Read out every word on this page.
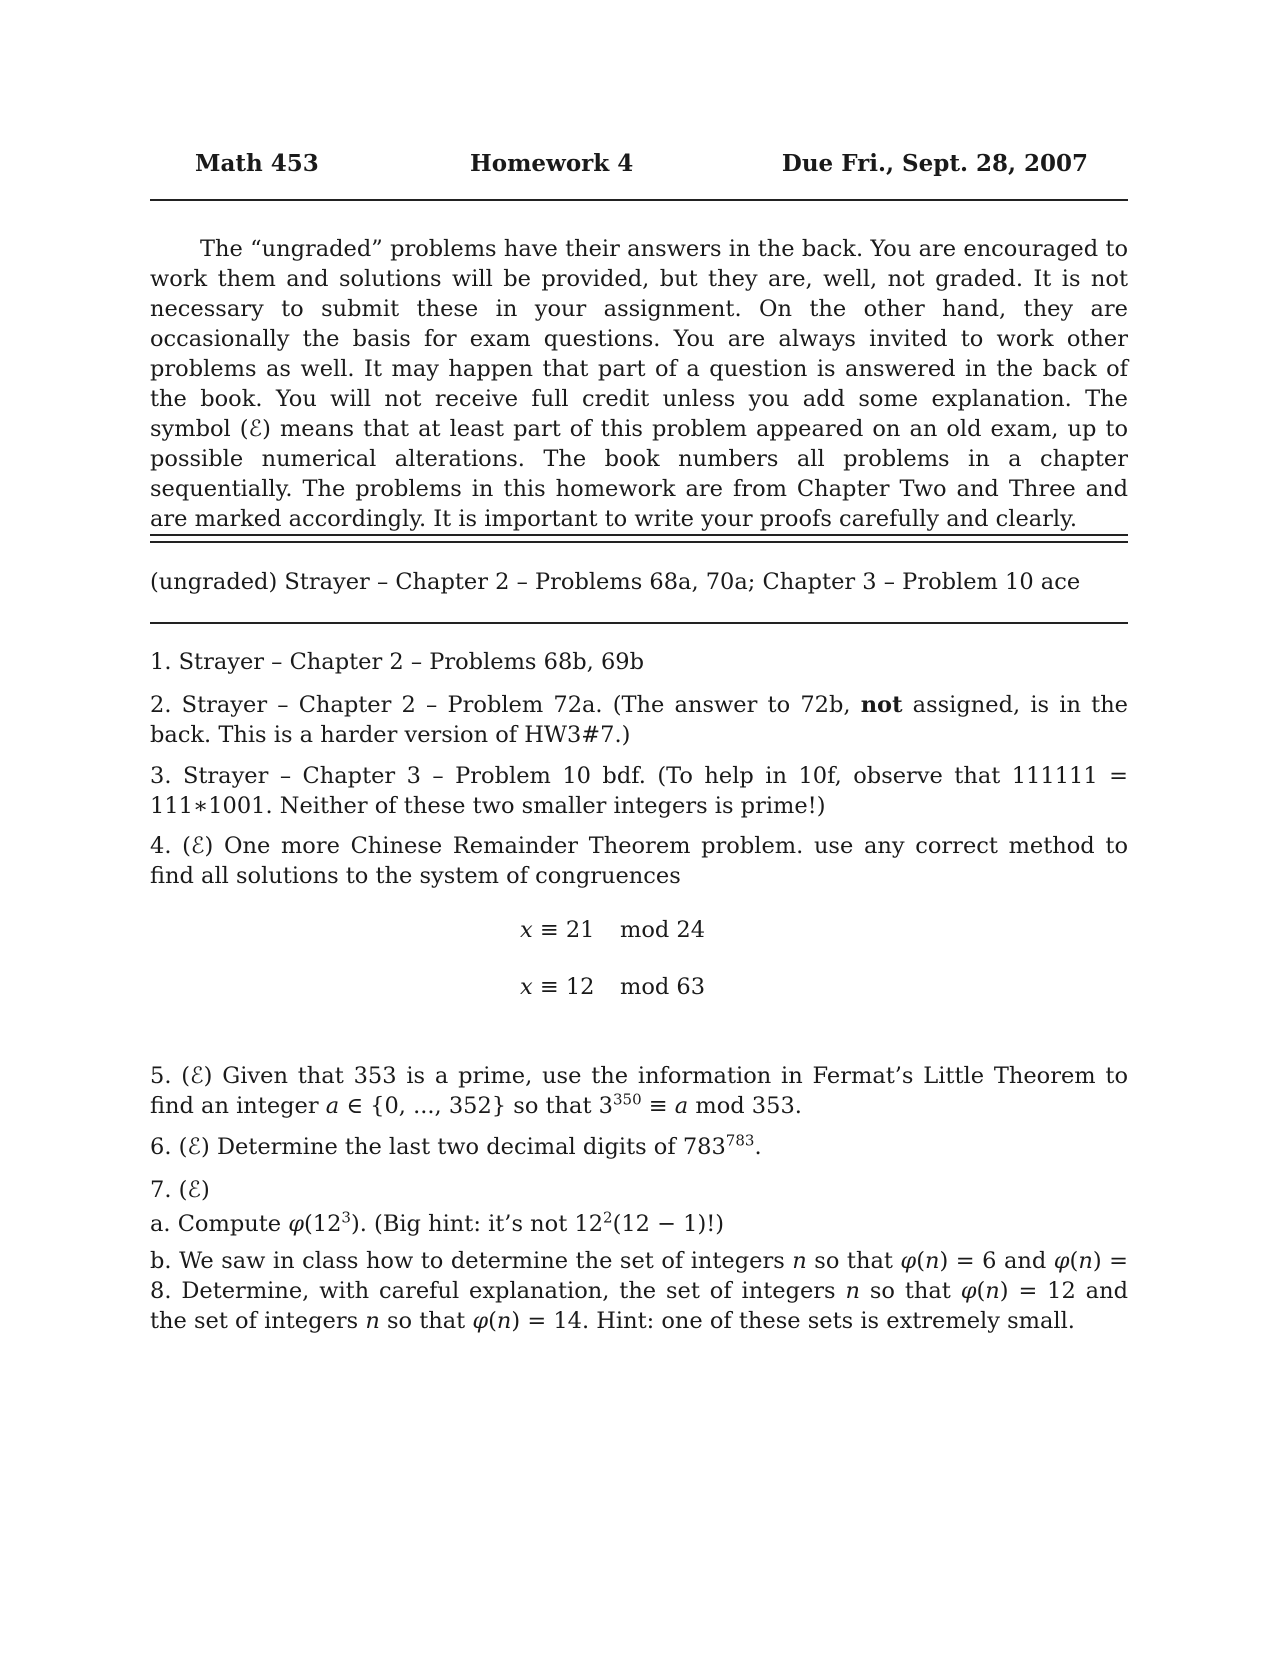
Math 453	Homework 4	Due Fri., Sept. 28, 2007

The “ungraded” problems have their answers in the back. You are encouraged to work them and solutions will be provided, but they are, well, not graded. It is not necessary to submit these in your assignment. On the other hand, they are occasionally the basis for exam questions. You are always invited to work other problems as well. It may happen that part of a question is answered in the back of the book. You will not receive full credit unless you add some explanation. The symbol (ℰ) means that at least part of this problem appeared on an old exam, up to possible numerical alterations. The book numbers all problems in a chapter sequentially. The problems in this homework are from Chapter Two and Three and are marked accordingly. It is important to write your proofs carefully and clearly.

(ungraded) Strayer – Chapter 2 – Problems 68a, 70a; Chapter 3 – Problem 10 ace

1. Strayer – Chapter 2 – Problems 68b, 69b

2. Strayer – Chapter 2 – Problem 72a. (The answer to 72b, not assigned, is in the back. This is a harder version of HW3#7.)

3. Strayer – Chapter 3 – Problem 10 bdf. (To help in 10f, observe that 111111 = 111∗1001. Neither of these two smaller integers is prime!)

4. (ℰ) One more Chinese Remainder Theorem problem. use any correct method to find all solutions to the system of congruences

x ≡ 21 mod 24
x ≡ 12 mod 63

5. (ℰ) Given that 353 is a prime, use the information in Fermat’s Little Theorem to find an integer a ∈ {0, ..., 352} so that $3^{350} \equiv a$ mod 353.

6. (ℰ) Determine the last two decimal digits of $783^{783}$.

7. (ℰ)

a. Compute $\varphi(12^3)$. (Big hint: it’s not $12^2(12 - 1)$!)

b. We saw in class how to determine the set of integers n so that φ(n) = 6 and φ(n) = 8. Determine, with careful explanation, the set of integers n so that φ(n) = 12 and the set of integers n so that φ(n) = 14. Hint: one of these sets is extremely small.
